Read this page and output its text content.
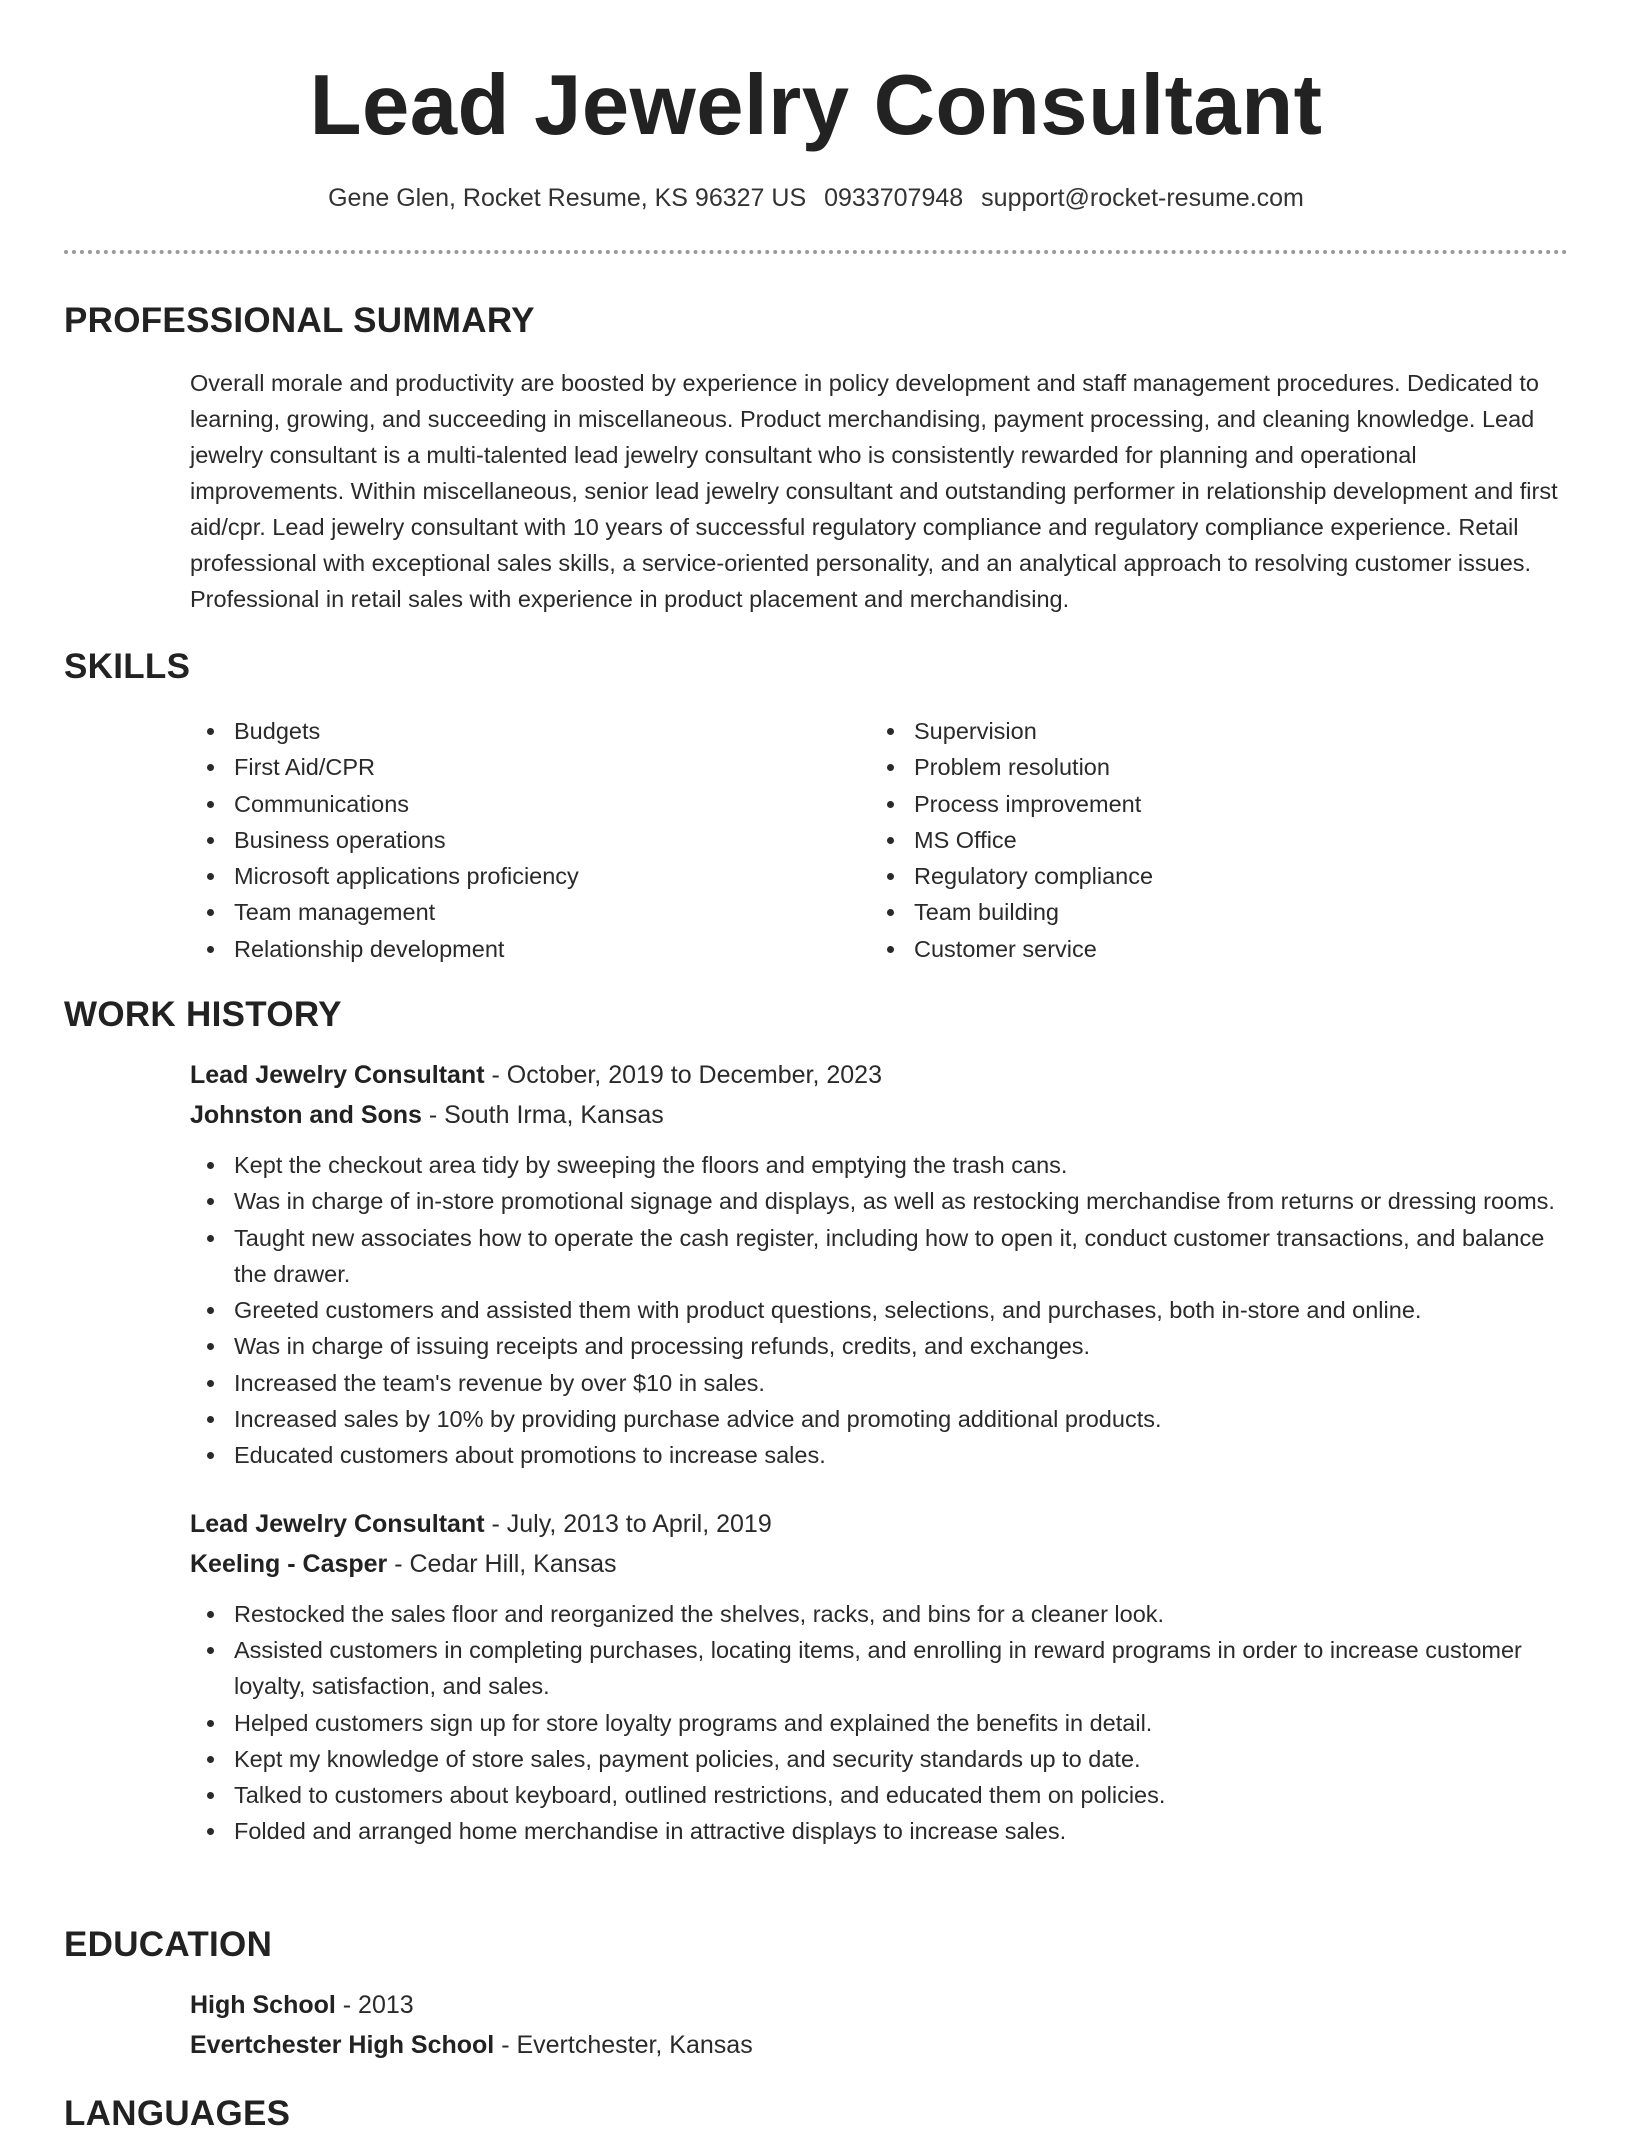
Lead Jewelry Consultant
Gene Glen, Rocket Resume, KS 96327 US 0933707948 support@rocket-resume.com
PROFESSIONAL SUMMARY
Overall morale and productivity are boosted by experience in policy development and staff management procedures. Dedicated to learning, growing, and succeeding in miscellaneous. Product merchandising, payment processing, and cleaning knowledge. Lead jewelry consultant is a multi-talented lead jewelry consultant who is consistently rewarded for planning and operational improvements. Within miscellaneous, senior lead jewelry consultant and outstanding performer in relationship development and first aid/cpr. Lead jewelry consultant with 10 years of successful regulatory compliance and regulatory compliance experience. Retail professional with exceptional sales skills, a service-oriented personality, and an analytical approach to resolving customer issues. Professional in retail sales with experience in product placement and merchandising.
SKILLS
Budgets
First Aid/CPR
Communications
Business operations
Microsoft applications proficiency
Team management
Relationship development
Supervision
Problem resolution
Process improvement
MS Office
Regulatory compliance
Team building
Customer service
WORK HISTORY
Lead Jewelry Consultant - October, 2019 to December, 2023
Johnston and Sons - South Irma, Kansas
Kept the checkout area tidy by sweeping the floors and emptying the trash cans.
Was in charge of in-store promotional signage and displays, as well as restocking merchandise from returns or dressing rooms.
Taught new associates how to operate the cash register, including how to open it, conduct customer transactions, and balance the drawer.
Greeted customers and assisted them with product questions, selections, and purchases, both in-store and online.
Was in charge of issuing receipts and processing refunds, credits, and exchanges.
Increased the team's revenue by over $10 in sales.
Increased sales by 10% by providing purchase advice and promoting additional products.
Educated customers about promotions to increase sales.
Lead Jewelry Consultant - July, 2013 to April, 2019
Keeling - Casper - Cedar Hill, Kansas
Restocked the sales floor and reorganized the shelves, racks, and bins for a cleaner look.
Assisted customers in completing purchases, locating items, and enrolling in reward programs in order to increase customer loyalty, satisfaction, and sales.
Helped customers sign up for store loyalty programs and explained the benefits in detail.
Kept my knowledge of store sales, payment policies, and security standards up to date.
Talked to customers about keyboard, outlined restrictions, and educated them on policies.
Folded and arranged home merchandise in attractive displays to increase sales.
EDUCATION
High School - 2013
Evertchester High School - Evertchester, Kansas
LANGUAGES
